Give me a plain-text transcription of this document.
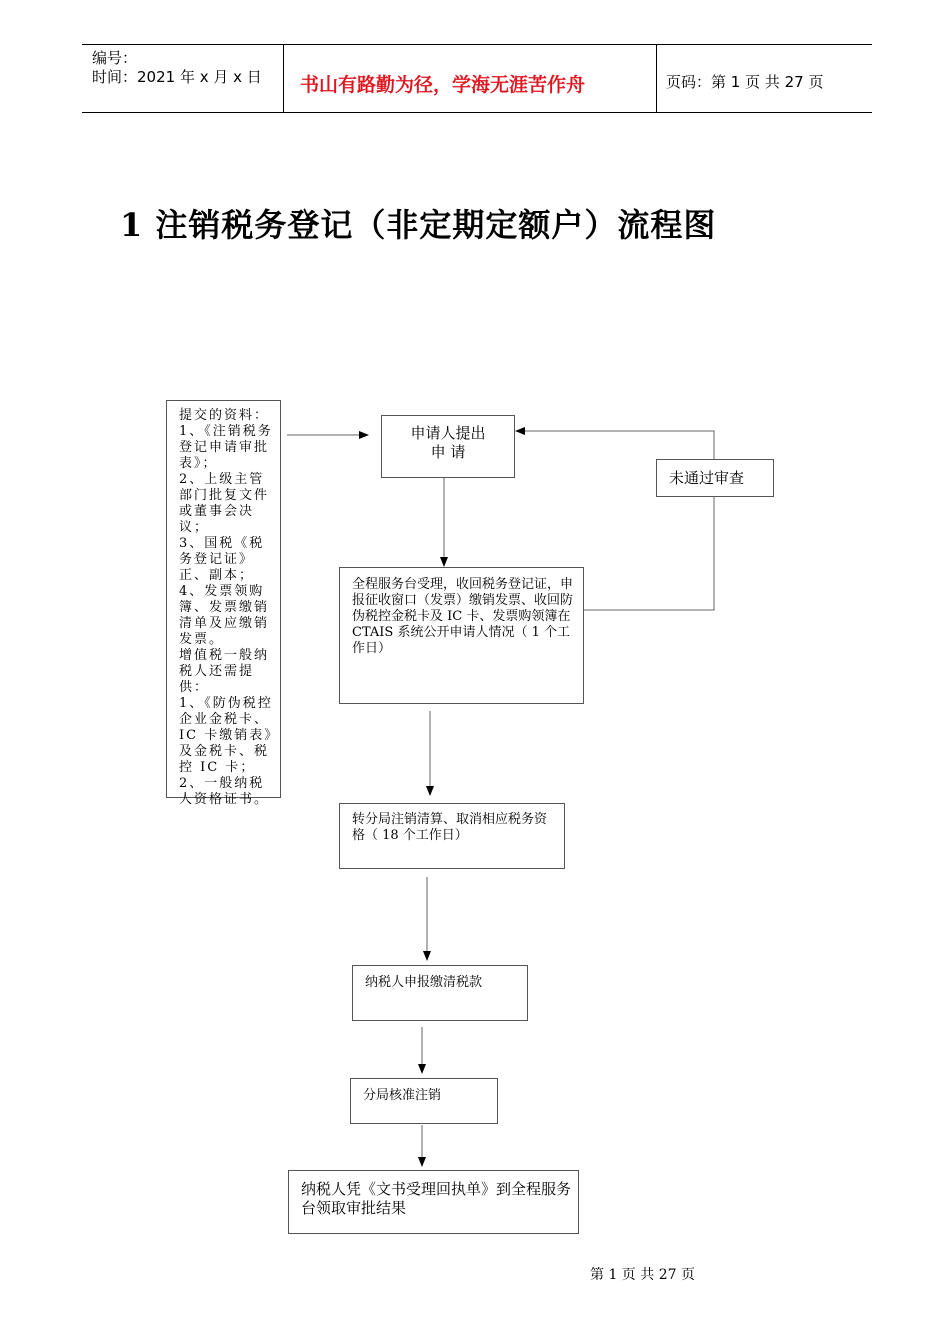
编号：
时间：2021 年 x 月 x 日 书山有路勤为径，学海无涯苦作舟	页码：第 1 页 共 27 页
1 注销税务登记（非定期定额户）流程图
提交的资料：
1、《注销税务登记申请审批表》；
2、上级主管部门批复文件或董事会决议；
3、国税《税务登记证》正、副本；
4、发票领购簿、发票缴销清单及应缴销发票。
增值税一般纳税人还需提供：
1、《防伪税控企业金税卡、IC 卡缴销表》及金税卡、税控 IC 卡；
2、一般纳税人资格证书。
申请人提出
申 请
未通过审查
全程服务台受理，收回税务登记证，申报征收窗口（发票）缴销发票、收回防伪税控金税卡及 IC 卡、发票购领簿在 CTAIS 系统公开申请人情况（ 1 个工作日）
转分局注销清算、取消相应税务资格（ 18 个工作日）
纳税人申报缴清税款
分局核准注销
纳税人凭《文书受理回执单》到全程服务台领取审批结果
第 1 页 共 27 页
